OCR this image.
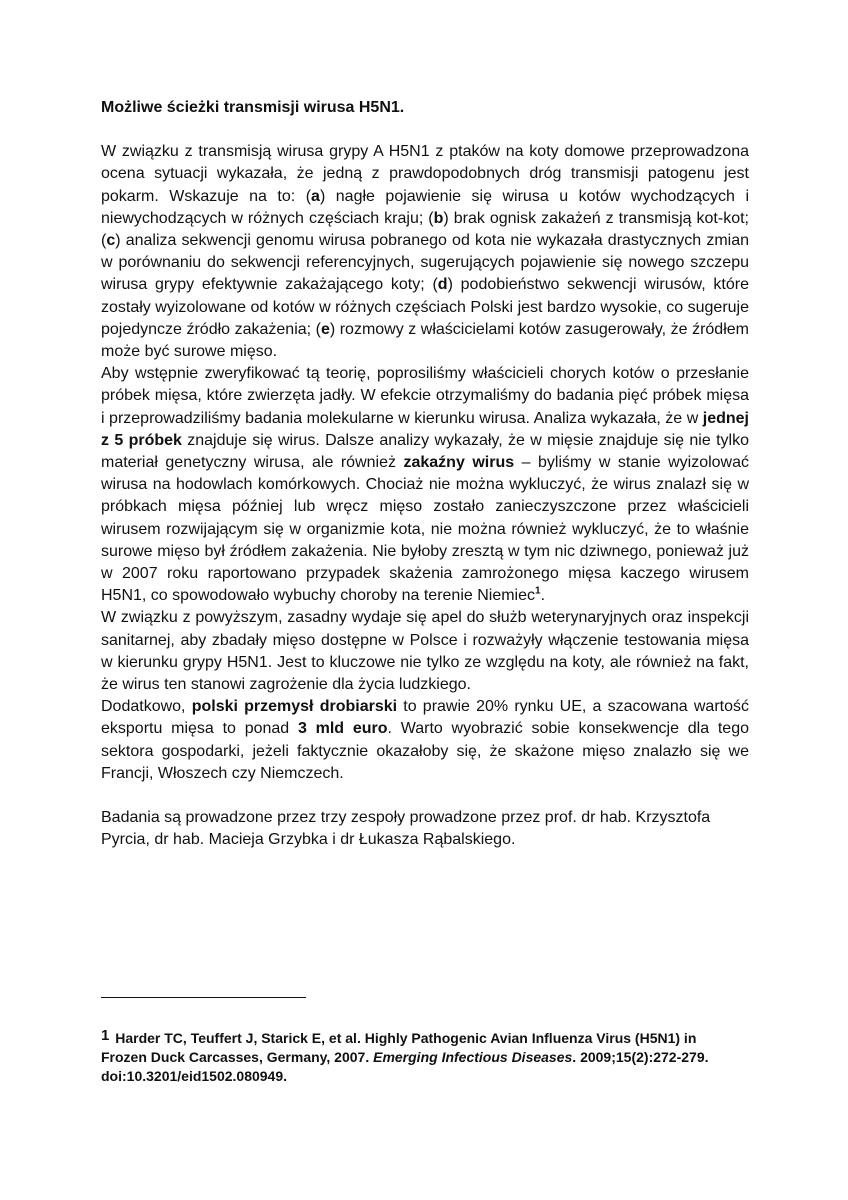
Możliwe ścieżki transmisji wirusa H5N1.

W związku z transmisją wirusa grypy A H5N1 z ptaków na koty domowe przeprowadzona ocena sytuacji wykazała, że jedną z prawdopodobnych dróg transmisji patogenu jest pokarm. Wskazuje na to: (a) nagłe pojawienie się wirusa u kotów wychodzących i niewychodzących w różnych częściach kraju; (b) brak ognisk zakażeń z transmisją kot-kot; (c) analiza sekwencji genomu wirusa pobranego od kota nie wykazała drastycznych zmian w porównaniu do sekwencji referencyjnych, sugerujących pojawienie się nowego szczepu wirusa grypy efektywnie zakażającego koty; (d) podobieństwo sekwencji wirusów, które zostały wyizolowane od kotów w różnych częściach Polski jest bardzo wysokie, co sugeruje pojedyncze źródło zakażenia; (e) rozmowy z właścicielami kotów zasugerowały, że źródłem może być surowe mięso.

Aby wstępnie zweryfikować tą teorię, poprosiliśmy właścicieli chorych kotów o przesłanie próbek mięsa, które zwierzęta jadły. W efekcie otrzymaliśmy do badania pięć próbek mięsa i przeprowadziliśmy badania molekularne w kierunku wirusa. Analiza wykazała, że w jednej z 5 próbek znajduje się wirus. Dalsze analizy wykazały, że w mięsie znajduje się nie tylko materiał genetyczny wirusa, ale również zakaźny wirus – byliśmy w stanie wyizolować wirusa na hodowlach komórkowych. Chociaż nie można wykluczyć, że wirus znalazł się w próbkach mięsa później lub wręcz mięso zostało zanieczyszczone przez właścicieli wirusem rozwijającym się w organizmie kota, nie można również wykluczyć, że to właśnie surowe mięso był źródłem zakażenia. Nie byłoby zresztą w tym nic dziwnego, ponieważ już w 2007 roku raportowano przypadek skażenia zamrożonego mięsa kaczego wirusem H5N1, co spowodowało wybuchy choroby na terenie Niemiec$^1$.

W związku z powyższym, zasadny wydaje się apel do służb weterynaryjnych oraz inspekcji sanitarnej, aby zbadały mięso dostępne w Polsce i rozważyły włączenie testowania mięsa w kierunku grypy H5N1. Jest to kluczowe nie tylko ze względu na koty, ale również na fakt, że wirus ten stanowi zagrożenie dla życia ludzkiego.

Dodatkowo, polski przemysł drobiarski to prawie 20% rynku UE, a szacowana wartość eksportu mięsa to ponad 3 mld euro. Warto wyobrazić sobie konsekwencje dla tego sektora gospodarki, jeżeli faktycznie okazałoby się, że skażone mięso znalazło się we Francji, Włoszech czy Niemczech.

Badania są prowadzone przez trzy zespoły prowadzone przez prof. dr hab. Krzysztofa Pyrcia, dr hab. Macieja Grzybka i dr Łukasza Rąbalskiego.

1 Harder TC, Teuffert J, Starick E, et al. Highly Pathogenic Avian Influenza Virus (H5N1) in Frozen Duck Carcasses, Germany, 2007. Emerging Infectious Diseases. 2009;15(2):272-279. doi:10.3201/eid1502.080949.
